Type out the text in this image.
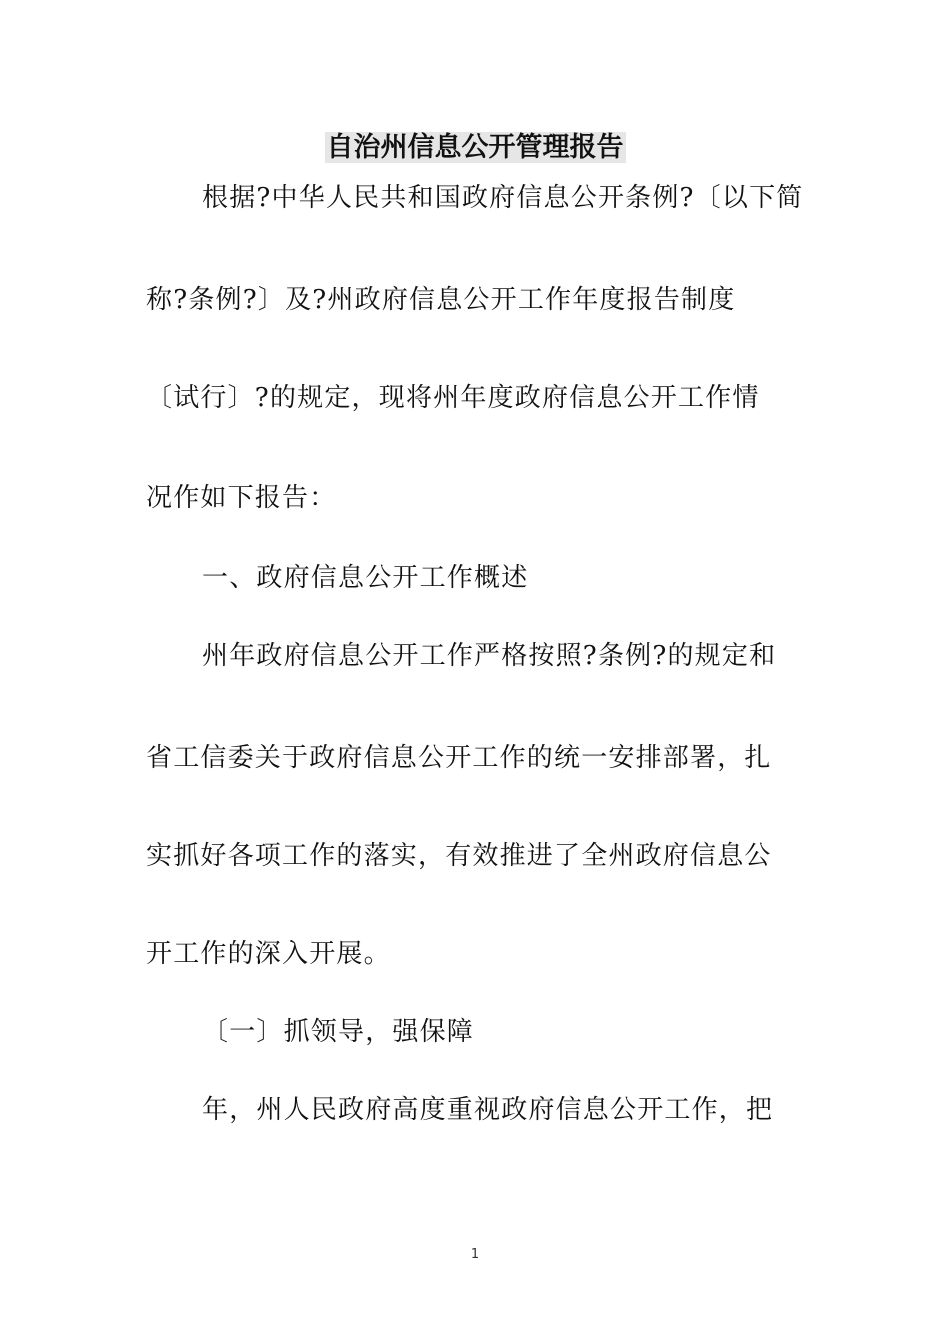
自治州信息公开管理报告

根据?中华人民共和国政府信息公开条例?〔以下简

称?条例?〕及?州政府信息公开工作年度报告制度

〔试行〕?的规定，现将州年度政府信息公开工作情

况作如下报告：

一、政府信息公开工作概述

州年政府信息公开工作严格按照?条例?的规定和

省工信委关于政府信息公开工作的统一安排部署，扎

实抓好各项工作的落实，有效推进了全州政府信息公

开工作的深入开展。

〔一〕抓领导，强保障

年，州人民政府高度重视政府信息公开工作，把

1
